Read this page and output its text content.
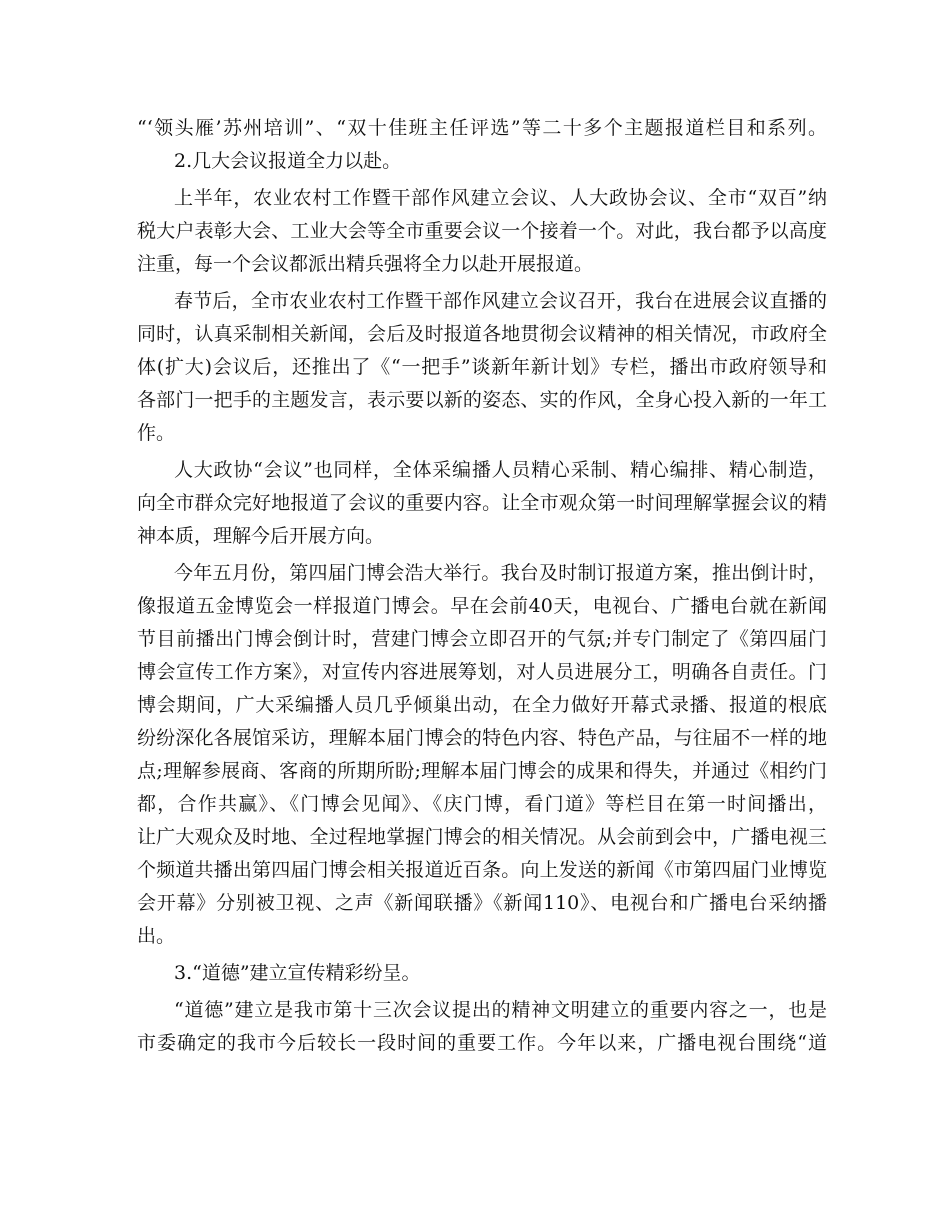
“‘领头雁’苏州培训”、“双十佳班主任评选”等二十多个主题报道栏目和系列。
2.几大会议报道全力以赴。
上半年，农业农村工作暨干部作风建立会议、人大政协会议、全市“双百”纳
税大户表彰大会、工业大会等全市重要会议一个接着一个。对此，我台都予以高度
注重，每一个会议都派出精兵强将全力以赴开展报道。
春节后，全市农业农村工作暨干部作风建立会议召开，我台在进展会议直播的
同时，认真采制相关新闻，会后及时报道各地贯彻会议精神的相关情况，市政府全
体(扩大)会议后，还推出了《“一把手”谈新年新计划》专栏，播出市政府领导和
各部门一把手的主题发言，表示要以新的姿态、实的作风，全身心投入新的一年工
作。
人大政协“会议”也同样，全体采编播人员精心采制、精心编排、精心制造，
向全市群众完好地报道了会议的重要内容。让全市观众第一时间理解掌握会议的精
神本质，理解今后开展方向。
今年五月份，第四届门博会浩大举行。我台及时制订报道方案，推出倒计时，
像报道五金博览会一样报道门博会。早在会前40天，电视台、广播电台就在新闻
节目前播出门博会倒计时，营建门博会立即召开的气氛;并专门制定了《第四届门
博会宣传工作方案》，对宣传内容进展筹划，对人员进展分工，明确各自责任。门
博会期间，广大采编播人员几乎倾巢出动，在全力做好开幕式录播、报道的根底
纷纷深化各展馆采访，理解本届门博会的特色内容、特色产品，与往届不一样的地
点;理解参展商、客商的所期所盼;理解本届门博会的成果和得失，并通过《相约门
都，合作共赢》、《门博会见闻》、《庆门博，看门道》等栏目在第一时间播出，
让广大观众及时地、全过程地掌握门博会的相关情况。从会前到会中，广播电视三
个频道共播出第四届门博会相关报道近百条。向上发送的新闻《市第四届门业博览
会开幕》分别被卫视、之声《新闻联播》《新闻110》、电视台和广播电台采纳播
出。
3.“道德”建立宣传精彩纷呈。
“道德”建立是我市第十三次会议提出的精神文明建立的重要内容之一，也是
市委确定的我市今后较长一段时间的重要工作。今年以来，广播电视台围绕“道
